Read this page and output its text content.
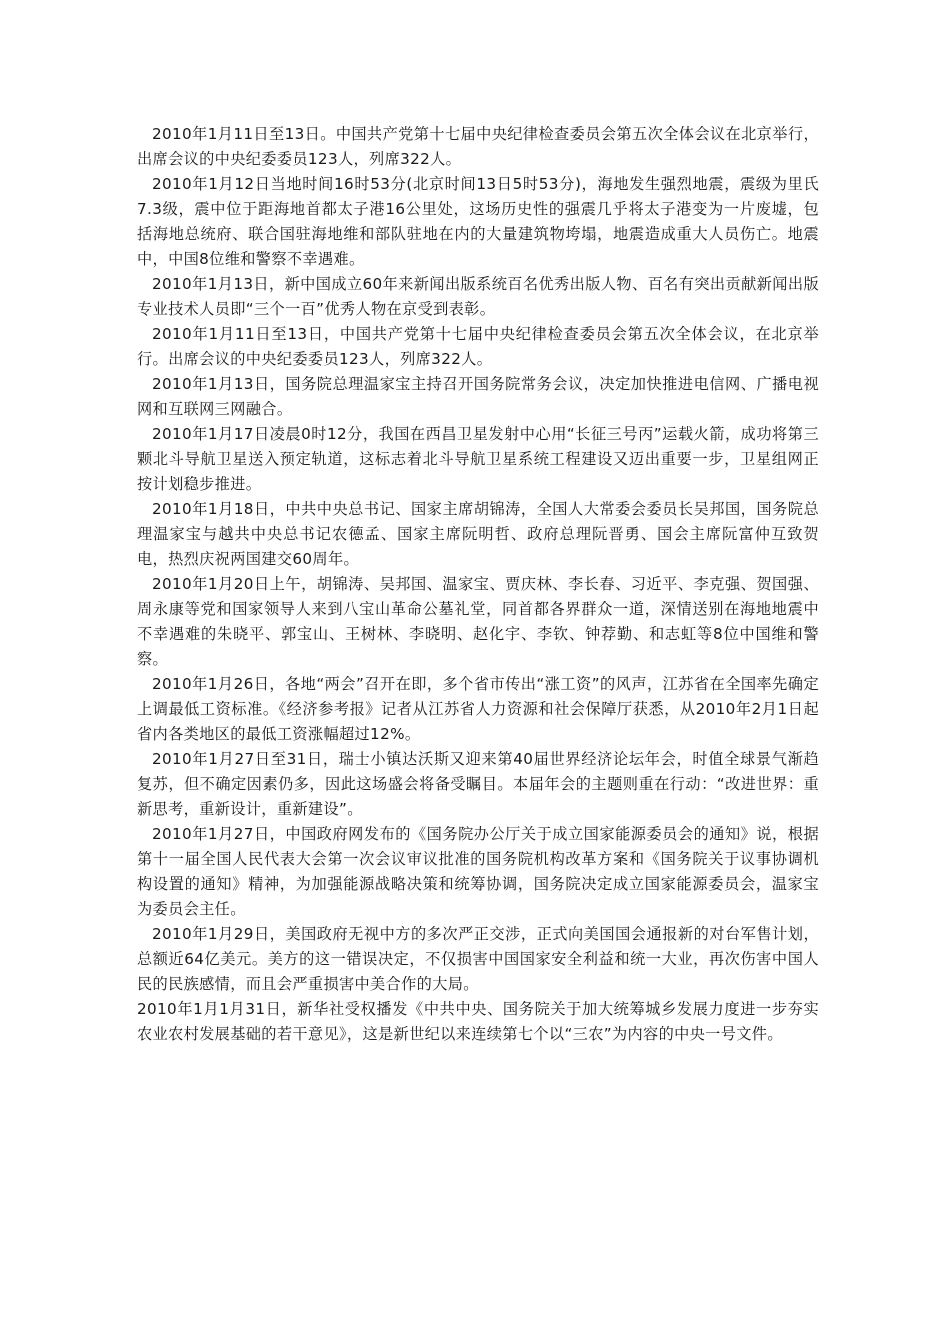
2010年1月11日至13日。中国共产党第十七届中央纪律检查委员会第五次全体会议在北京举行，出席会议的中央纪委委员123人，列席322人。

2010年1月12日当地时间16时53分(北京时间13日5时53分)，海地发生强烈地震，震级为里氏7.3级，震中位于距海地首都太子港16公里处，这场历史性的强震几乎将太子港变为一片废墟，包括海地总统府、联合国驻海地维和部队驻地在内的大量建筑物垮塌，地震造成重大人员伤亡。地震中，中国8位维和警察不幸遇难。

2010年1月13日，新中国成立60年来新闻出版系统百名优秀出版人物、百名有突出贡献新闻出版专业技术人员即“三个一百”优秀人物在京受到表彰。

2010年1月11日至13日，中国共产党第十七届中央纪律检查委员会第五次全体会议，在北京举行。出席会议的中央纪委委员123人，列席322人。

2010年1月13日，国务院总理温家宝主持召开国务院常务会议，决定加快推进电信网、广播电视网和互联网三网融合。

2010年1月17日凌晨0时12分，我国在西昌卫星发射中心用“长征三号丙”运载火箭，成功将第三颗北斗导航卫星送入预定轨道，这标志着北斗导航卫星系统工程建设又迈出重要一步，卫星组网正按计划稳步推进。

2010年1月18日，中共中央总书记、国家主席胡锦涛，全国人大常委会委员长吴邦国，国务院总理温家宝与越共中央总书记农德孟、国家主席阮明哲、政府总理阮晋勇、国会主席阮富仲互致贺电，热烈庆祝两国建交60周年。

2010年1月20日上午，胡锦涛、吴邦国、温家宝、贾庆林、李长春、习近平、李克强、贺国强、周永康等党和国家领导人来到八宝山革命公墓礼堂，同首都各界群众一道，深情送别在海地地震中不幸遇难的朱晓平、郭宝山、王树林、李晓明、赵化宇、李钦、钟荐勤、和志虹等8位中国维和警察。

2010年1月26日，各地“两会”召开在即，多个省市传出“涨工资”的风声，江苏省在全国率先确定上调最低工资标准。《经济参考报》记者从江苏省人力资源和社会保障厅获悉，从2010年2月1日起省内各类地区的最低工资涨幅超过12%。

2010年1月27日至31日，瑞士小镇达沃斯又迎来第40届世界经济论坛年会，时值全球景气渐趋复苏，但不确定因素仍多，因此这场盛会将备受瞩目。本届年会的主题则重在行动：“改进世界：重新思考，重新设计，重新建设”。

2010年1月27日，中国政府网发布的《国务院办公厅关于成立国家能源委员会的通知》说，根据第十一届全国人民代表大会第一次会议审议批准的国务院机构改革方案和《国务院关于议事协调机构设置的通知》精神，为加强能源战略决策和统筹协调，国务院决定成立国家能源委员会，温家宝为委员会主任。

2010年1月29日，美国政府无视中方的多次严正交涉，正式向美国国会通报新的对台军售计划，总额近64亿美元。美方的这一错误决定，不仅损害中国国家安全利益和统一大业，再次伤害中国人民的民族感情，而且会严重损害中美合作的大局。

2010年1月1月31日，新华社受权播发《中共中央、国务院关于加大统筹城乡发展力度进一步夯实农业农村发展基础的若干意见》，这是新世纪以来连续第七个以“三农”为内容的中央一号文件。
